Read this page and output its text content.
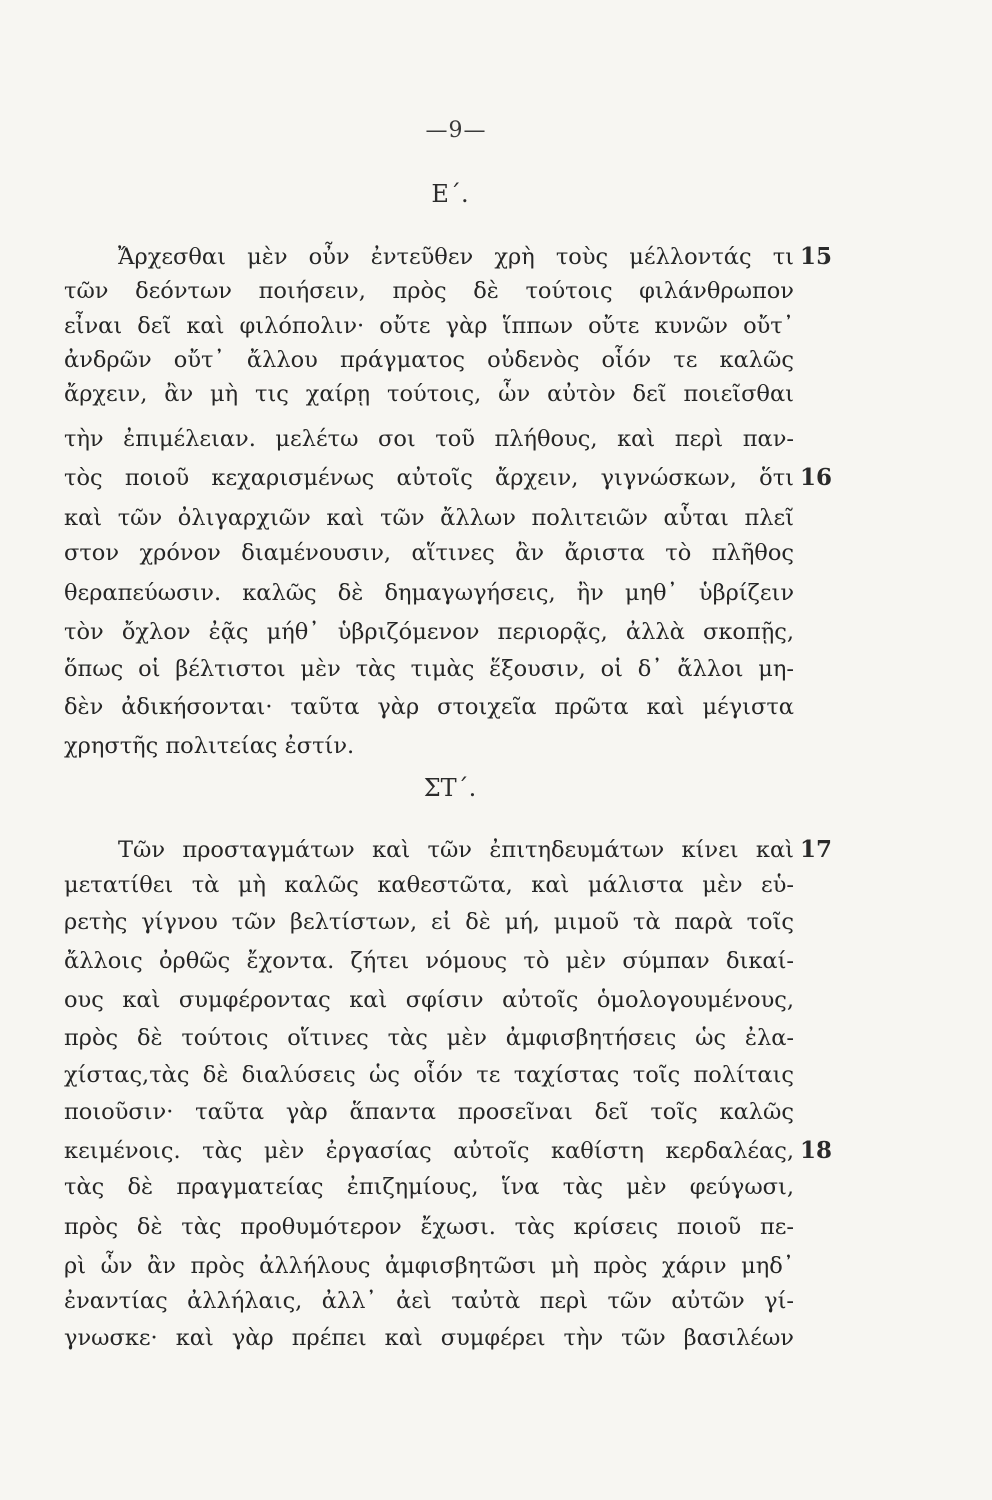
—9—
Ε΄.
Ἄρχεσθαι μὲν οὖν ἐντεῦθεν χρὴ τοὺς μέλλοντάς τι
τῶν δεόντων ποιήσειν, πρὸς δὲ τούτοις φιλάνθρωπον
εἶναι δεῖ καὶ φιλόπολιν· οὔτε γὰρ ἵππων οὔτε κυνῶν οὔτ᾽
ἀνδρῶν οὔτ᾽ ἄλλου πράγματος οὐδενὸς οἷόν τε καλῶς
ἄρχειν, ἂν μὴ τις χαίρῃ τούτοις, ὧν αὐτὸν δεῖ ποιεῖσθαι
τὴν ἐπιμέλειαν. μελέτω σοι τοῦ πλήθους, καὶ περὶ παν-
τὸς ποιοῦ κεχαρισμένως αὐτοῖς ἄρχειν, γιγνώσκων, ὅτι
καὶ τῶν ὀλιγαρχιῶν καὶ τῶν ἄλλων πολιτειῶν αὗται πλεῖ
στον χρόνον διαμένουσιν, αἵτινες ἂν ἄριστα τὸ πλῆθος
θεραπεύωσιν. καλῶς δὲ δημαγωγήσεις, ἢν μηθ᾽ ὑβρίζειν
τὸν ὄχλον ἐᾷς μήθ᾽ ὑβριζόμενον περιορᾷς, ἀλλὰ σκοπῇς,
ὅπως οἱ βέλτιστοι μὲν τὰς τιμὰς ἕξουσιν, οἱ δ᾽ ἄλλοι μη-
δὲν ἀδικήσονται· ταῦτα γὰρ στοιχεῖα πρῶτα καὶ μέγιστα
χρηστῆς πολιτείας ἐστίν.
ΣΤ΄.
Τῶν προσταγμάτων καὶ τῶν ἐπιτηδευμάτων κίνει καὶ
μετατίθει τὰ μὴ καλῶς καθεστῶτα, καὶ μάλιστα μὲν εὑ-
ρετὴς γίγνου τῶν βελτίστων, εἰ δὲ μή, μιμοῦ τὰ παρὰ τοῖς
ἄλλοις ὀρθῶς ἔχοντα. ζήτει νόμους τὸ μὲν σύμπαν δικαί-
ους καὶ συμφέροντας καὶ σφίσιν αὐτοῖς ὁμολογουμένους,
πρὸς δὲ τούτοις οἵτινες τὰς μὲν ἀμφισβητήσεις ὡς ἐλα-
χίστας,τὰς δὲ διαλύσεις ὡς οἷόν τε ταχίστας τοῖς πολίταις
ποιοῦσιν· ταῦτα γὰρ ἅπαντα προσεῖναι δεῖ τοῖς καλῶς
κειμένοις. τὰς μὲν ἐργασίας αὐτοῖς καθίστη κερδαλέας,
τὰς δὲ πραγματείας ἐπιζημίους, ἵνα τὰς μὲν φεύγωσι,
πρὸς δὲ τὰς προθυμότερον ἔχωσι. τὰς κρίσεις ποιοῦ πε-
ρὶ ὧν ἂν πρὸς ἀλλήλους ἀμφισβητῶσι μὴ πρὸς χάριν μηδ᾽
ἐναντίας ἀλλήλαις, ἀλλ᾽ ἀεὶ ταὐτὰ περὶ τῶν αὐτῶν γί-
γνωσκε· καὶ γὰρ πρέπει καὶ συμφέρει τὴν τῶν βασιλέων
15
16
17
18
